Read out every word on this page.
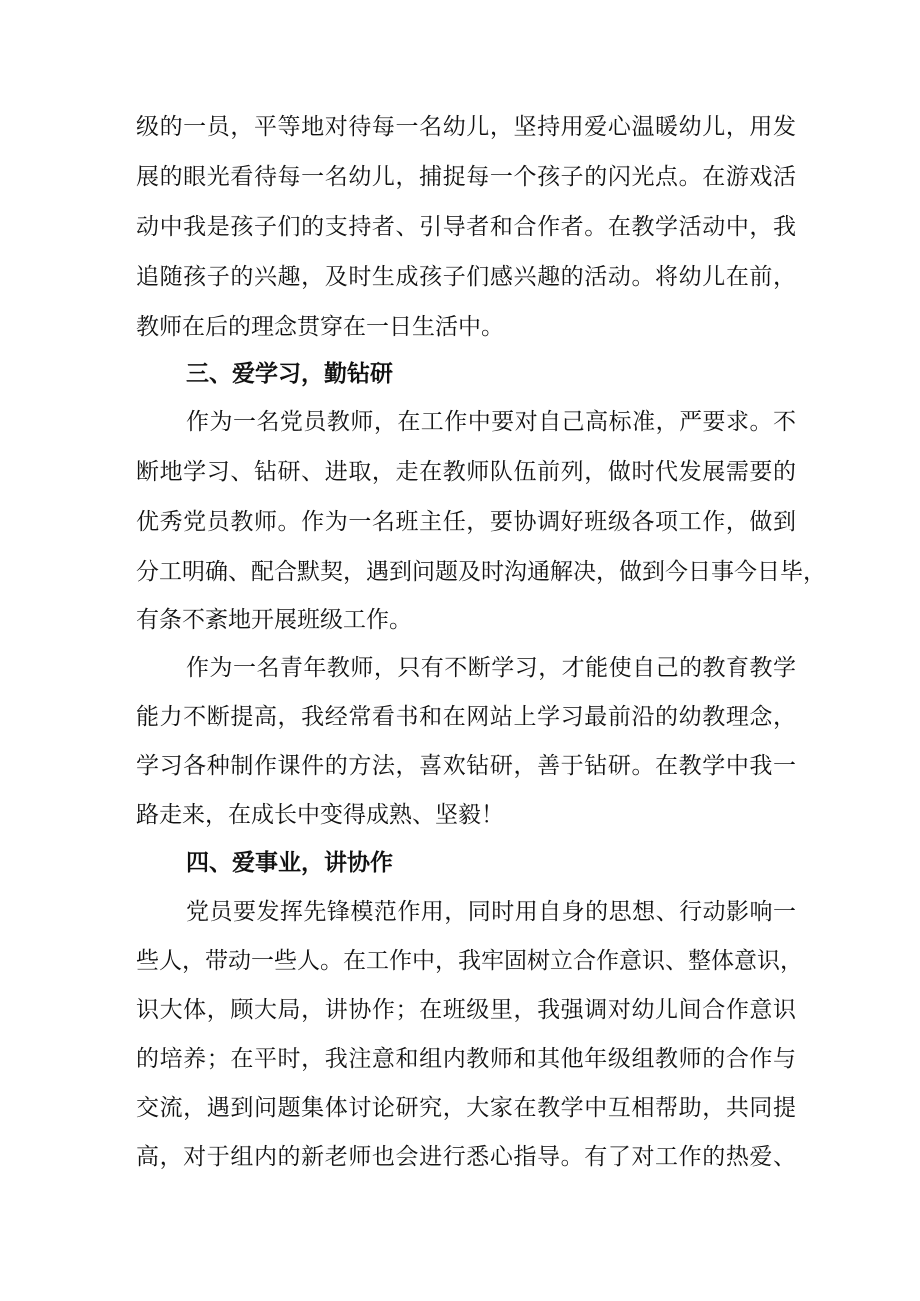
级的一员，平等地对待每一名幼儿，坚持用爱心温暖幼儿，用发
展的眼光看待每一名幼儿，捕捉每一个孩子的闪光点。在游戏活
动中我是孩子们的支持者、引导者和合作者。在教学活动中，我
追随孩子的兴趣，及时生成孩子们感兴趣的活动。将幼儿在前，
教师在后的理念贯穿在一日生活中。
三、爱学习，勤钻研
作为一名党员教师，在工作中要对自己高标准，严要求。不
断地学习、钻研、进取，走在教师队伍前列，做时代发展需要的
优秀党员教师。作为一名班主任，要协调好班级各项工作，做到
分工明确、配合默契，遇到问题及时沟通解决，做到今日事今日毕，
有条不紊地开展班级工作。
作为一名青年教师，只有不断学习，才能使自己的教育教学
能力不断提高，我经常看书和在网站上学习最前沿的幼教理念，
学习各种制作课件的方法，喜欢钻研，善于钻研。在教学中我一
路走来，在成长中变得成熟、坚毅！
四、爱事业，讲协作
党员要发挥先锋模范作用，同时用自身的思想、行动影响一
些人，带动一些人。在工作中，我牢固树立合作意识、整体意识，
识大体，顾大局，讲协作；在班级里，我强调对幼儿间合作意识
的培养；在平时，我注意和组内教师和其他年级组教师的合作与
交流，遇到问题集体讨论研究，大家在教学中互相帮助，共同提
高，对于组内的新老师也会进行悉心指导。有了对工作的热爱、
